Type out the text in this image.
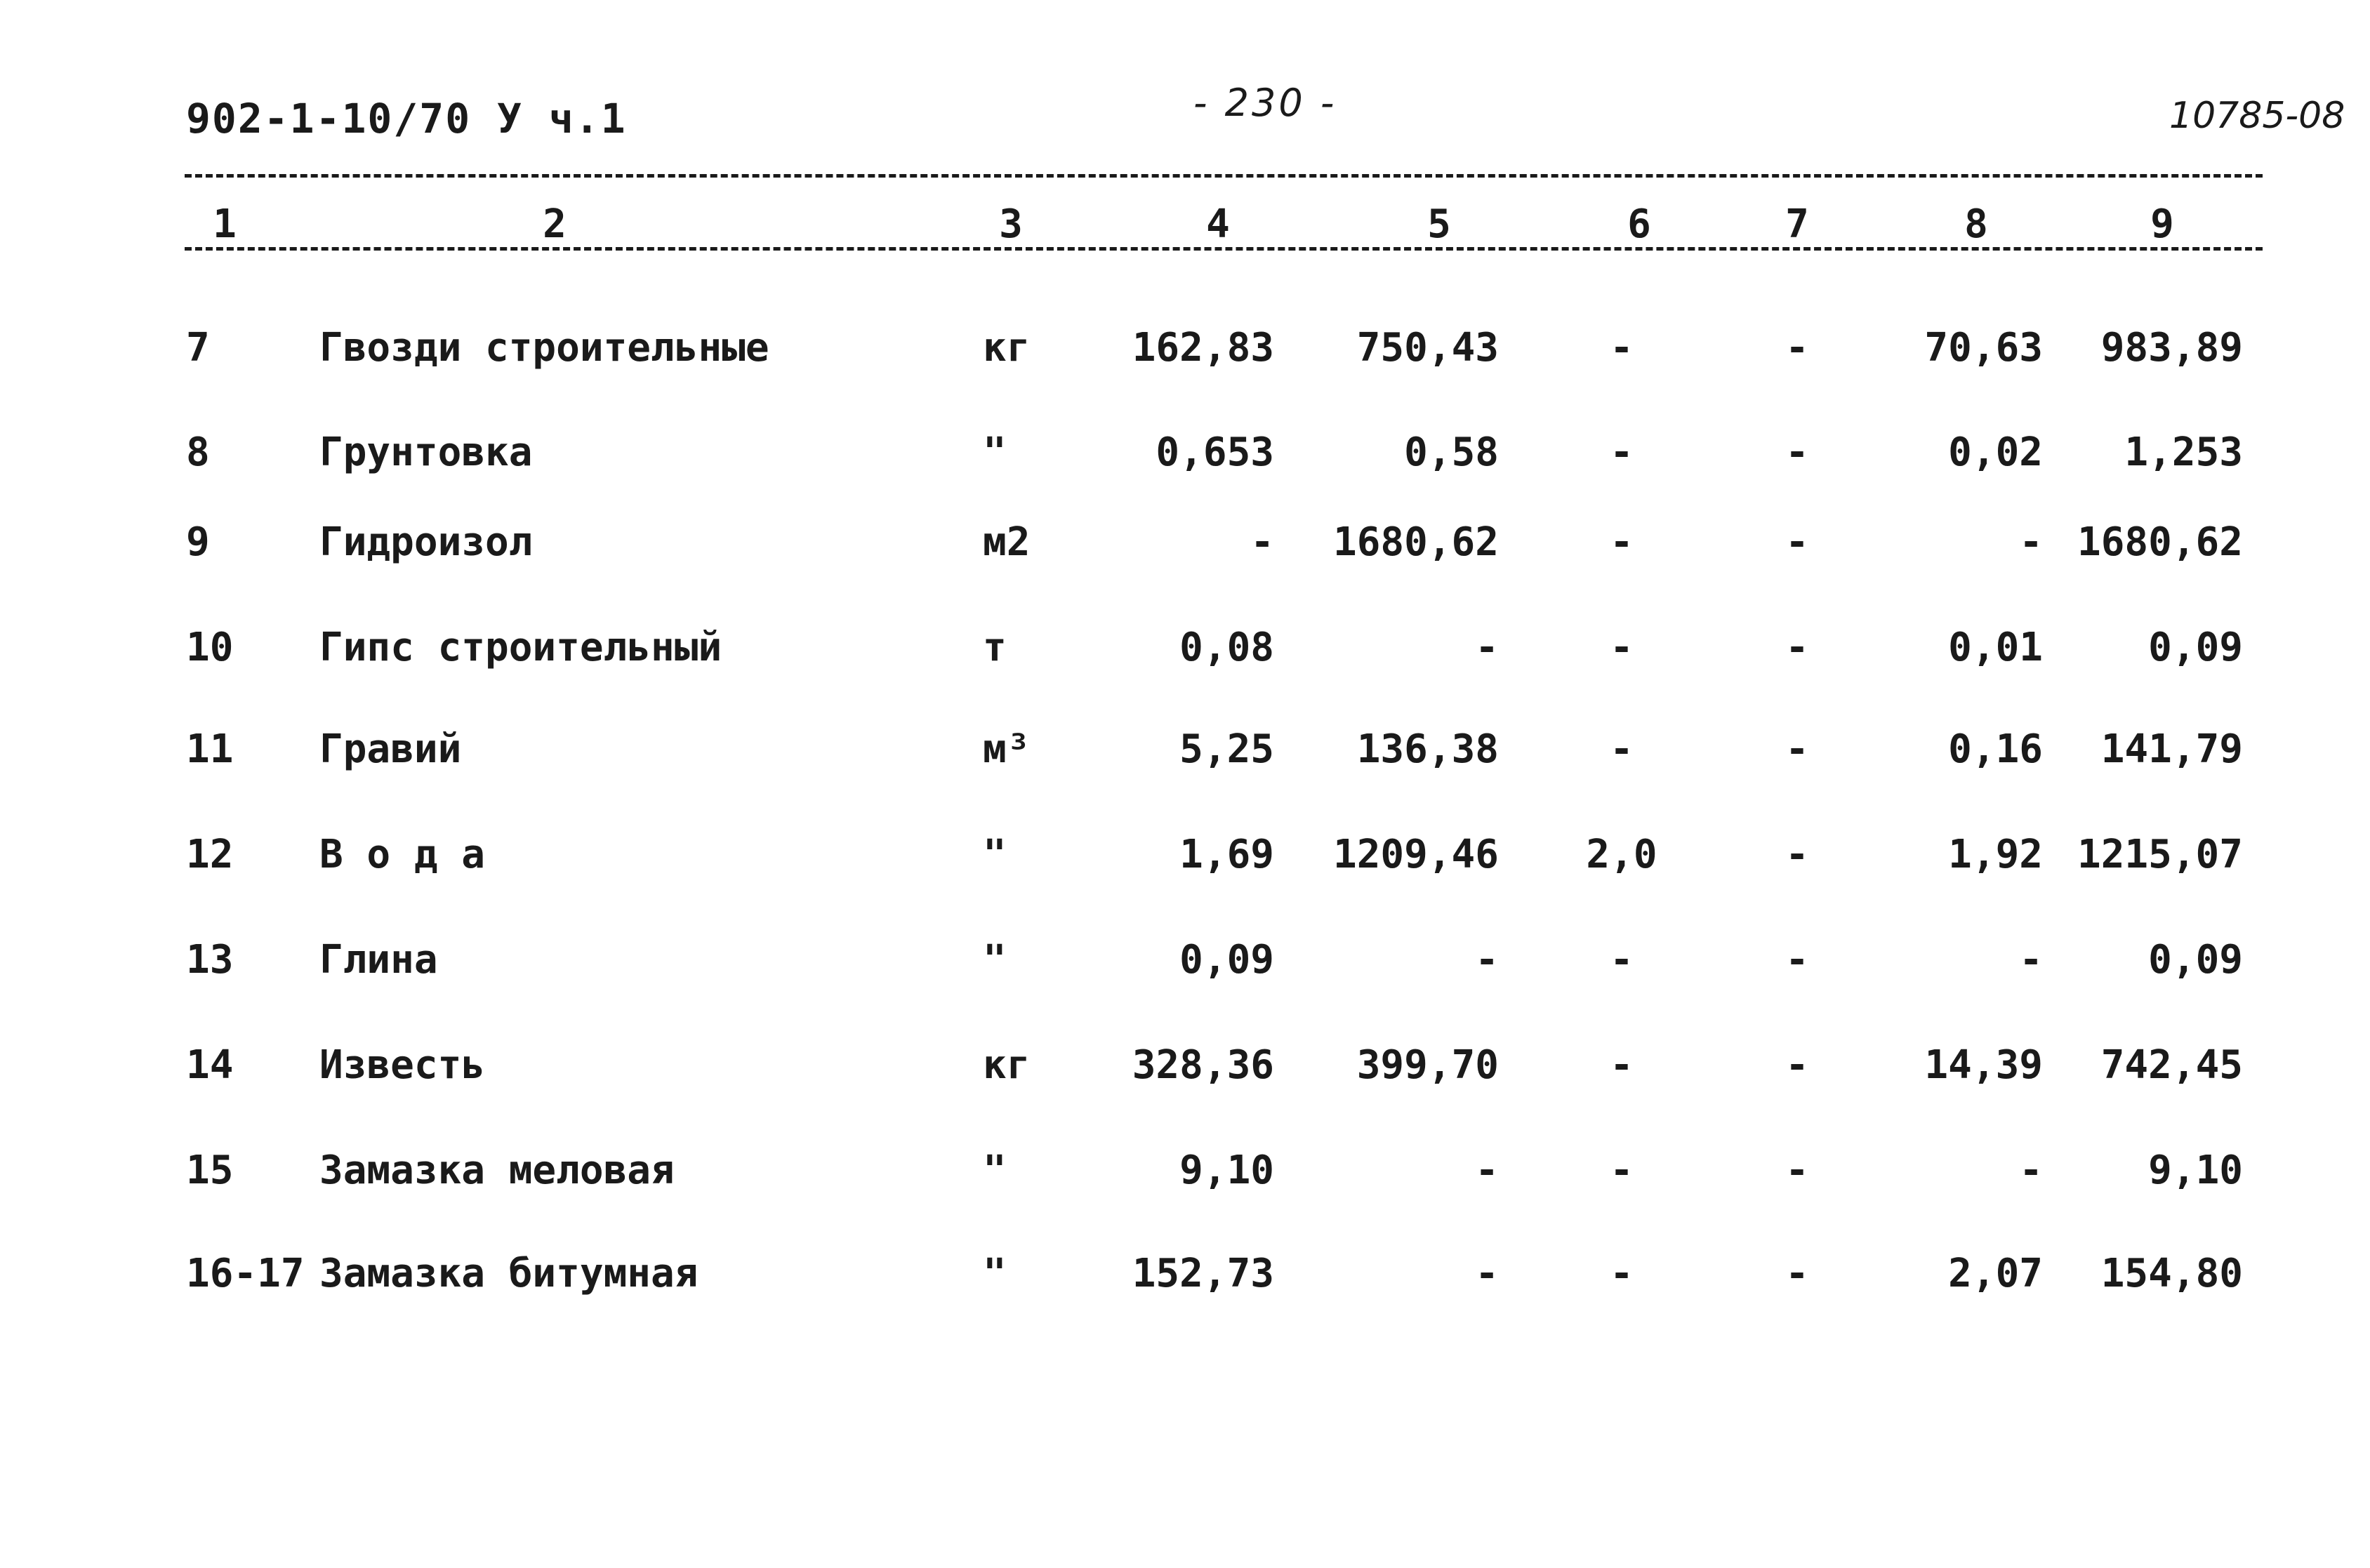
902-1-10/70 У ч.1	- 230 -	10785-08
1	2	3	4	5	6	7	8	9
7	Гвозди строительные	кг	162,83	750,43	-	-	70,63	983,89
8	Грунтовка	"	0,653	0,58	-	-	0,02	1,253
9	Гидроизол	м2	-	1680,62	-	-	- 1680,62
10	Гипс строительный	т	0,08	-	-	-	0,01	0,09
11	Гравий	м³	5,25	136,38	-	-	0,16	141,79
12	В о д а	"	1,69	1209,46	2,0	-	1,92 1215,07
13	Глина	"	0,09	-	-	-	-	0,09
14	Известь	кг	328,36	399,70	-	-	14,39	742,45
15	Замазка меловая	"	9,10	-	-	-	-	9,10
16-17 Замазка битумная	"	152,73	-	-	-	2,07	154,80
